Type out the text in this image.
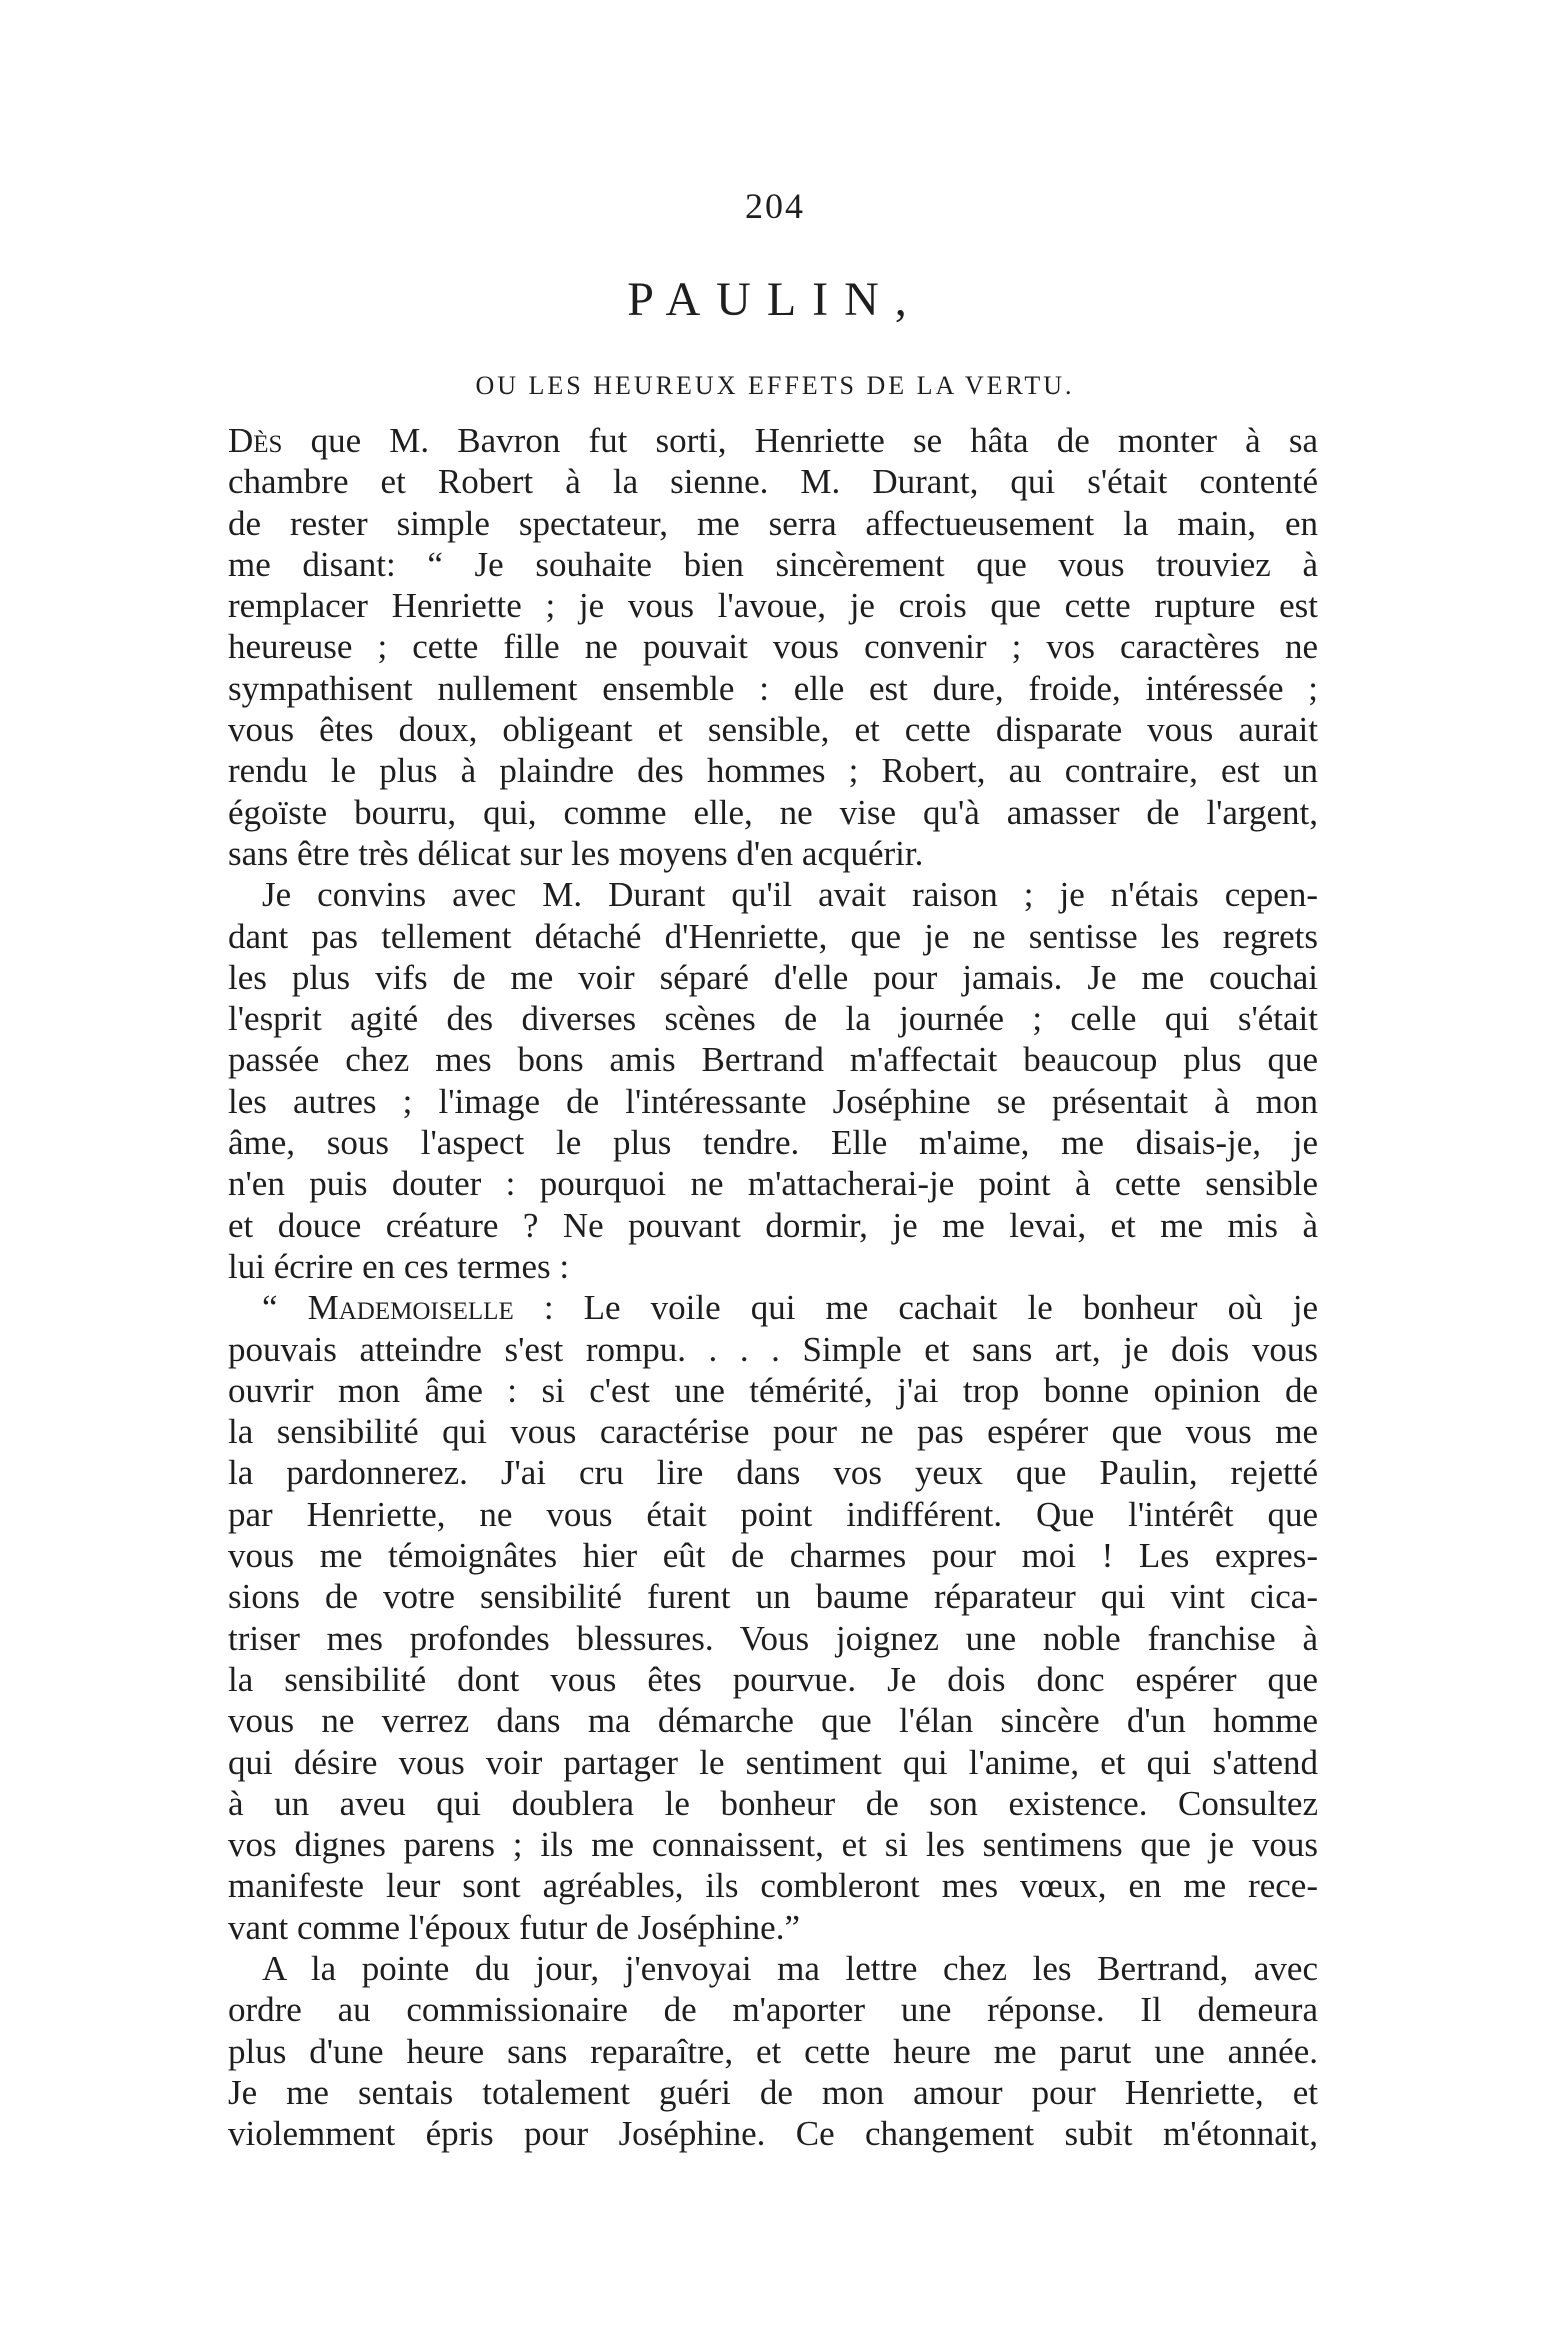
204
PAULIN,
OU LES HEUREUX EFFETS DE LA VERTU.
Dès que M. Bavron fut sorti, Henriette se hâta de monter à sa
chambre et Robert à la sienne. M. Durant, qui s'était contenté
de rester simple spectateur, me serra affectueusement la main, en
me disant: “ Je souhaite bien sincèrement que vous trouviez à
remplacer Henriette ; je vous l'avoue, je crois que cette rupture est
heureuse ; cette fille ne pouvait vous convenir ; vos caractères ne
sympathisent nullement ensemble : elle est dure, froide, intéressée ;
vous êtes doux, obligeant et sensible, et cette disparate vous aurait
rendu le plus à plaindre des hommes ; Robert, au contraire, est un
égoïste bourru, qui, comme elle, ne vise qu'à amasser de l'argent,
sans être très délicat sur les moyens d'en acquérir.
Je convins avec M. Durant qu'il avait raison ; je n'étais cepen-
dant pas tellement détaché d'Henriette, que je ne sentisse les regrets
les plus vifs de me voir séparé d'elle pour jamais. Je me couchai
l'esprit agité des diverses scènes de la journée ; celle qui s'était
passée chez mes bons amis Bertrand m'affectait beaucoup plus que
les autres ; l'image de l'intéressante Joséphine se présentait à mon
âme, sous l'aspect le plus tendre. Elle m'aime, me disais-je, je
n'en puis douter : pourquoi ne m'attacherai-je point à cette sensible
et douce créature ? Ne pouvant dormir, je me levai, et me mis à
lui écrire en ces termes :
“ Mademoiselle : Le voile qui me cachait le bonheur où je
pouvais atteindre s'est rompu. . . . Simple et sans art, je dois vous
ouvrir mon âme : si c'est une témérité, j'ai trop bonne opinion de
la sensibilité qui vous caractérise pour ne pas espérer que vous me
la pardonnerez. J'ai cru lire dans vos yeux que Paulin, rejetté
par Henriette, ne vous était point indifférent. Que l'intérêt que
vous me témoignâtes hier eût de charmes pour moi ! Les expres-
sions de votre sensibilité furent un baume réparateur qui vint cica-
triser mes profondes blessures. Vous joignez une noble franchise à
la sensibilité dont vous êtes pourvue. Je dois donc espérer que
vous ne verrez dans ma démarche que l'élan sincère d'un homme
qui désire vous voir partager le sentiment qui l'anime, et qui s'attend
à un aveu qui doublera le bonheur de son existence. Consultez
vos dignes parens ; ils me connaissent, et si les sentimens que je vous
manifeste leur sont agréables, ils combleront mes vœux, en me rece-
vant comme l'époux futur de Joséphine.”
A la pointe du jour, j'envoyai ma lettre chez les Bertrand, avec
ordre au commissionaire de m'aporter une réponse. Il demeura
plus d'une heure sans reparaître, et cette heure me parut une année.
Je me sentais totalement guéri de mon amour pour Henriette, et
violemment épris pour Joséphine. Ce changement subit m'étonnait,
